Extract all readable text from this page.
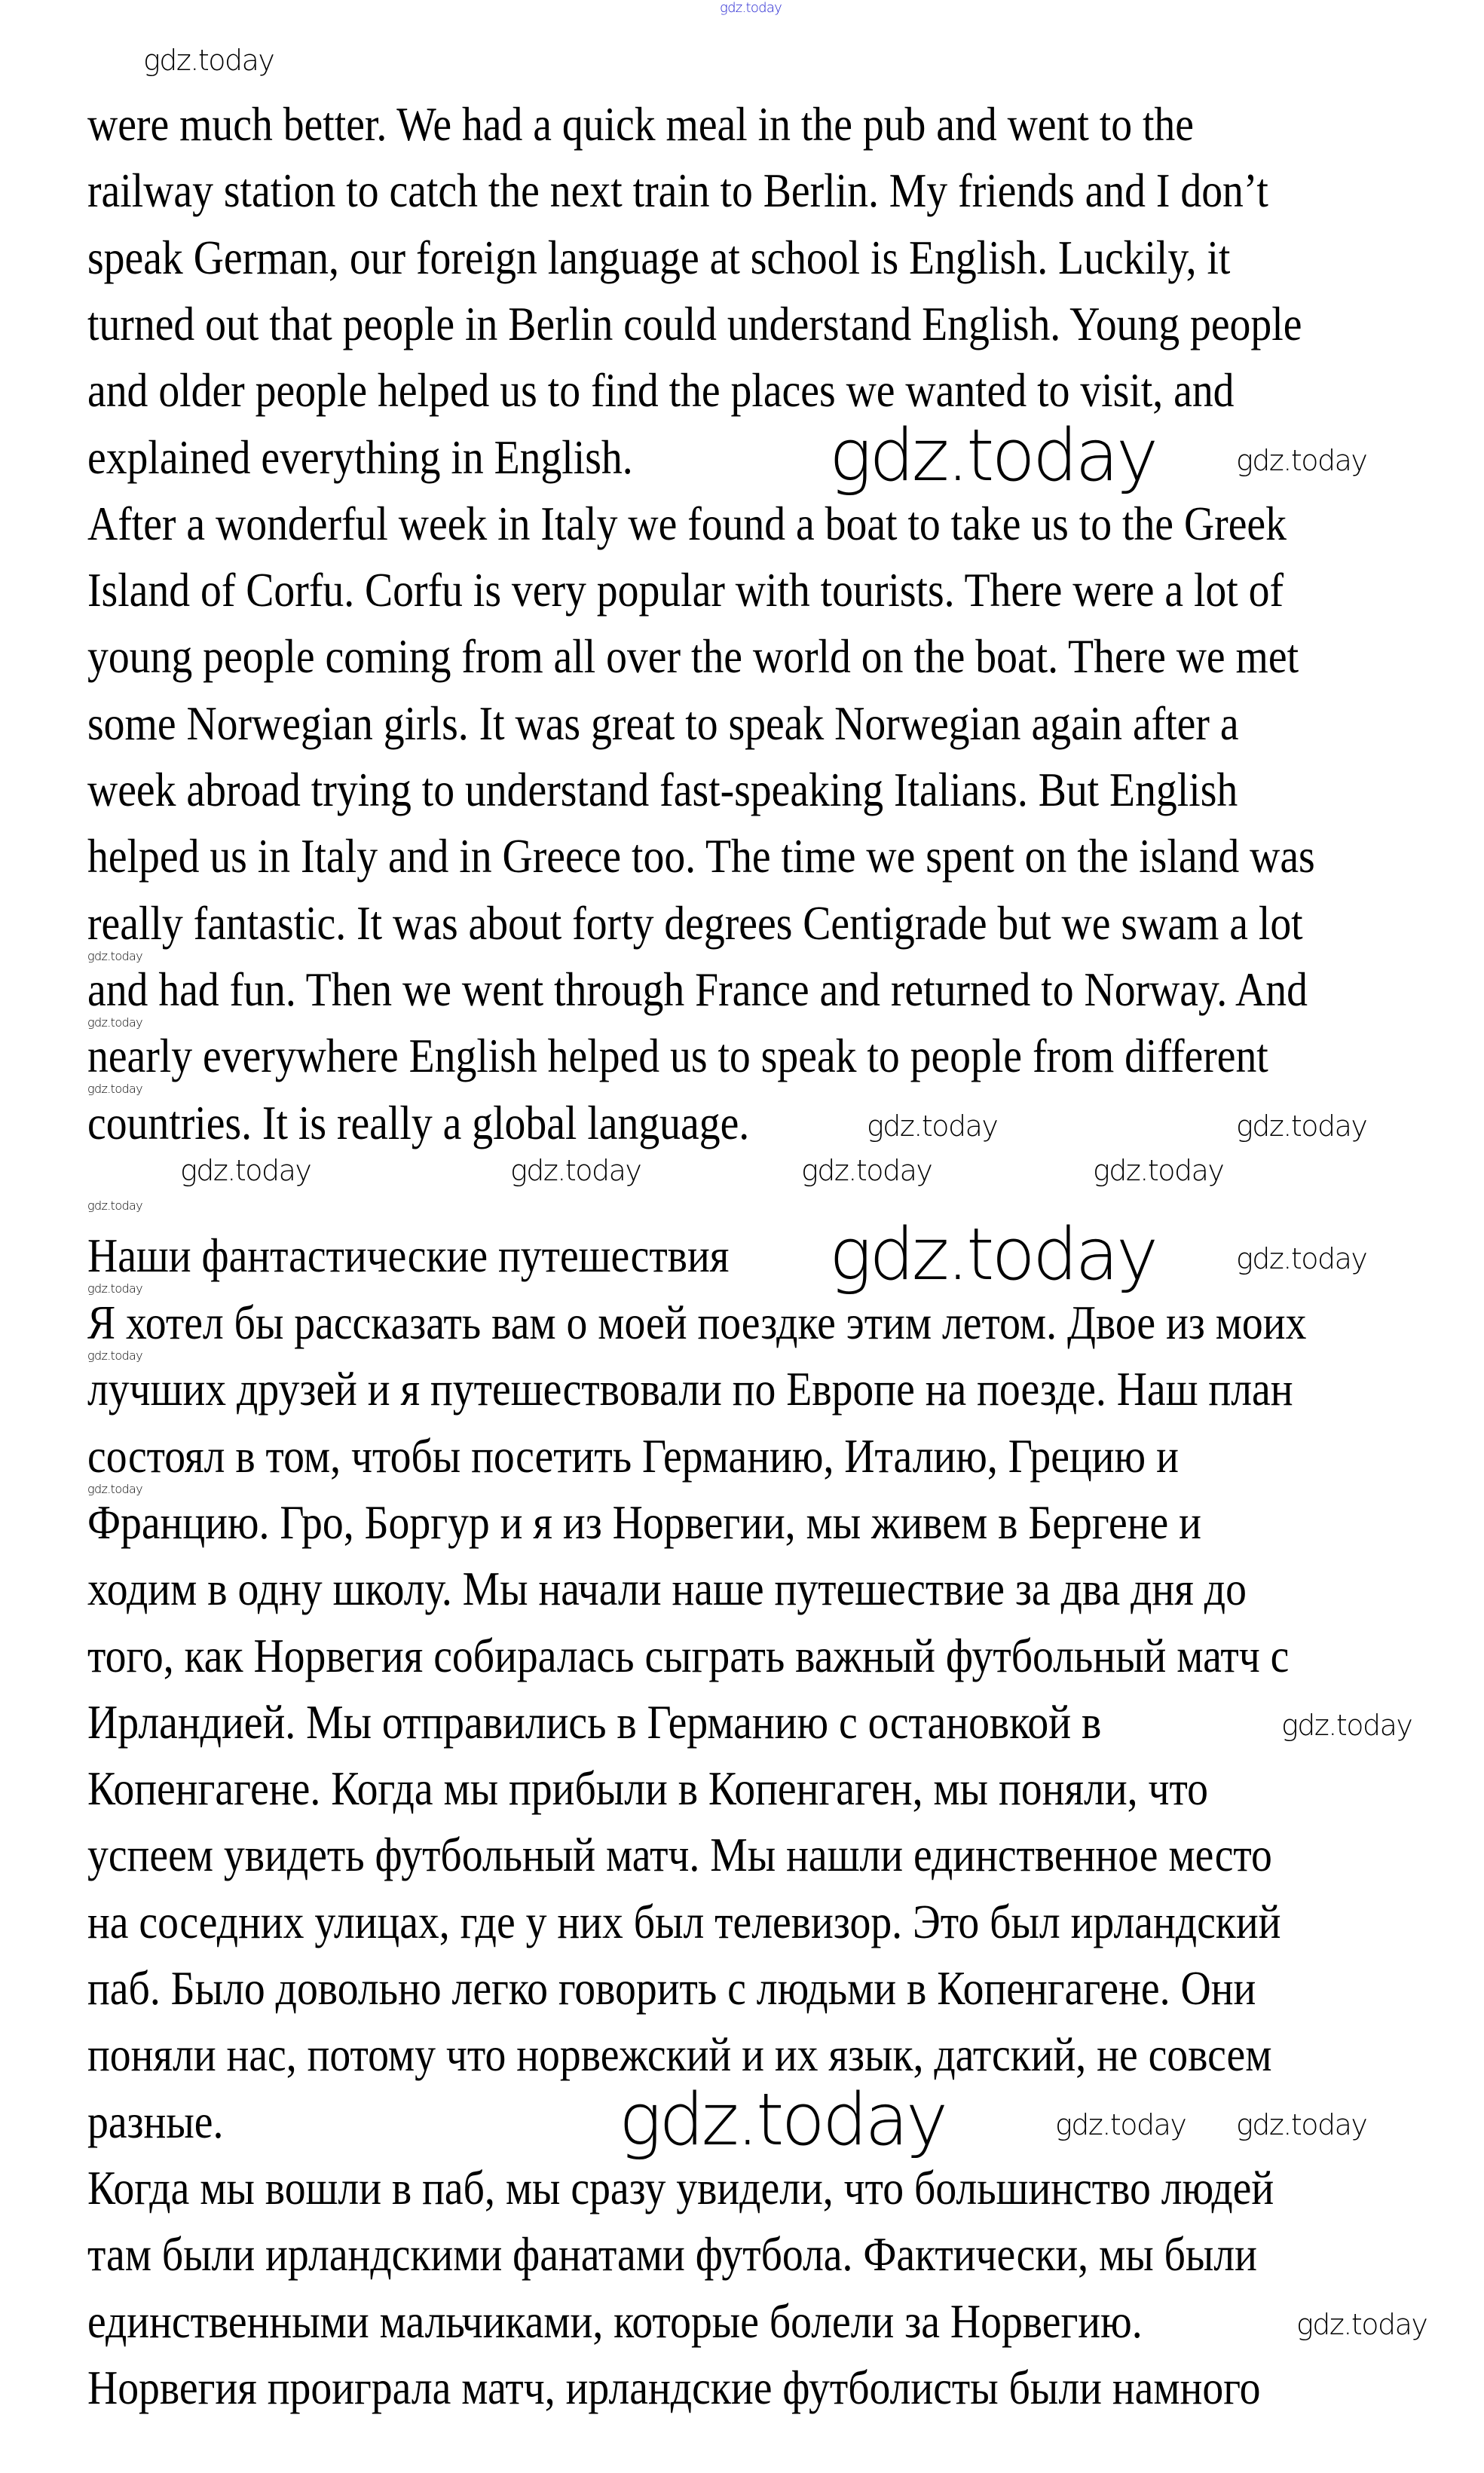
were much better. We had a quick meal in the pub and went to the
railway station to catch the next train to Berlin. My friends and I don’t
speak German, our foreign language at school is English. Luckily, it
turned out that people in Berlin could understand English. Young people
and older people helped us to find the places we wanted to visit, and
explained everything in English.
After a wonderful week in Italy we found a boat to take us to the Greek
Island of Corfu. Corfu is very popular with tourists. There were a lot of
young people coming from all over the world on the boat. There we met
some Norwegian girls. It was great to speak Norwegian again after a
week abroad trying to understand fast-speaking Italians. But English
helped us in Italy and in Greece too. The time we spent on the island was
really fantastic. It was about forty degrees Centigrade but we swam a lot
and had fun. Then we went through France and returned to Norway. And
nearly everywhere English helped us to speak to people from different
countries. It is really a global language.
Наши фантастические путешествия
Я хотел бы рассказать вам о моей поездке этим летом. Двое из моих
лучших друзей и я путешествовали по Европе на поезде. Наш план
состоял в том, чтобы посетить Германию, Италию, Грецию и
Францию. Гро, Боргур и я из Норвегии, мы живем в Бергене и
ходим в одну школу. Мы начали наше путешествие за два дня до
того, как Норвегия собиралась сыграть важный футбольный матч с
Ирландией. Мы отправились в Германию с остановкой в
Копенгагене. Когда мы прибыли в Копенгаген, мы поняли, что
успеем увидеть футбольный матч. Мы нашли единственное место
на соседних улицах, где у них был телевизор. Это был ирландский
паб. Было довольно легко говорить с людьми в Копенгагене. Они
поняли нас, потому что норвежский и их язык, датский, не совсем
разные.
Когда мы вошли в паб, мы сразу увидели, что большинство людей
там были ирландскими фанатами футбола. Фактически, мы были
единственными мальчиками, которые болели за Норвегию.
Норвегия проиграла матч, ирландские футболисты были намного
gdz.today
gdz.today
gdz.today	gdz.today
gdz.today	gdz.today
gdz.today
gdz.today
gdz.today
gdz.today	gdz.today	gdz.today	gdz.today
gdz.today
gdz.today	gdz.today
gdz.today
gdz.today
gdz.today
gdz.today
gdz.today	gdz.today gdz.today
gdz.today
